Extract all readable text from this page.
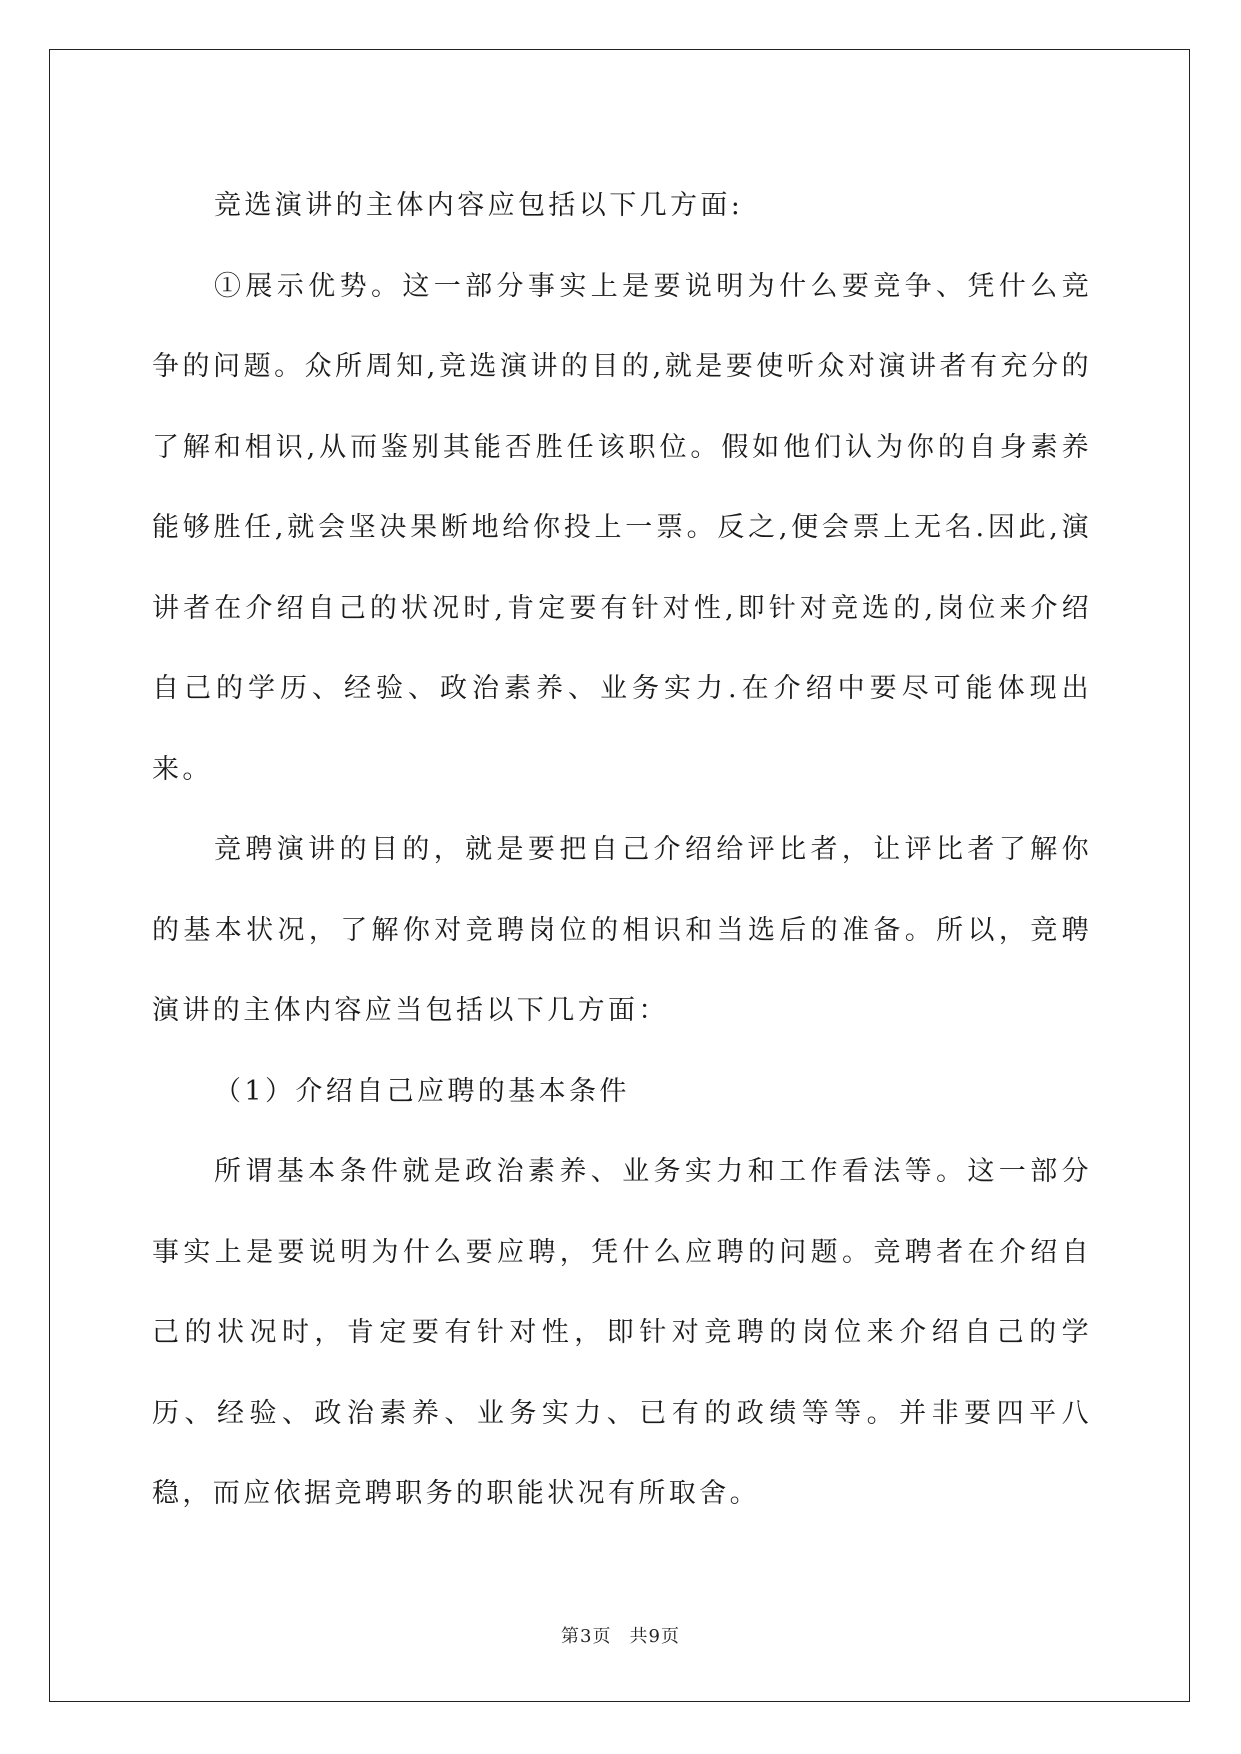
竞选演讲的主体内容应包括以下几方面:

①展示优势。这一部分事实上是要说明为什么要竞争、凭什么竞争的问题。众所周知,竞选演讲的目的,就是要使听众对演讲者有充分的了解和相识,从而鉴别其能否胜任该职位。假如他们认为你的自身素养能够胜任,就会坚决果断地给你投上一票。反之,便会票上无名.因此,演讲者在介绍自己的状况时,肯定要有针对性,即针对竞选的,岗位来介绍自己的学历、经验、政治素养、业务实力.在介绍中要尽可能体现出来。

竞聘演讲的目的，就是要把自己介绍给评比者，让评比者了解你的基本状况，了解你对竞聘岗位的相识和当选后的准备。所以，竞聘演讲的主体内容应当包括以下几方面：

（1）介绍自己应聘的基本条件

所谓基本条件就是政治素养、业务实力和工作看法等。这一部分事实上是要说明为什么要应聘，凭什么应聘的问题。竞聘者在介绍自己的状况时，肯定要有针对性，即针对竞聘的岗位来介绍自己的学历、经验、政治素养、业务实力、已有的政绩等等。并非要四平八稳，而应依据竞聘职务的职能状况有所取舍。

第3页 共9页
